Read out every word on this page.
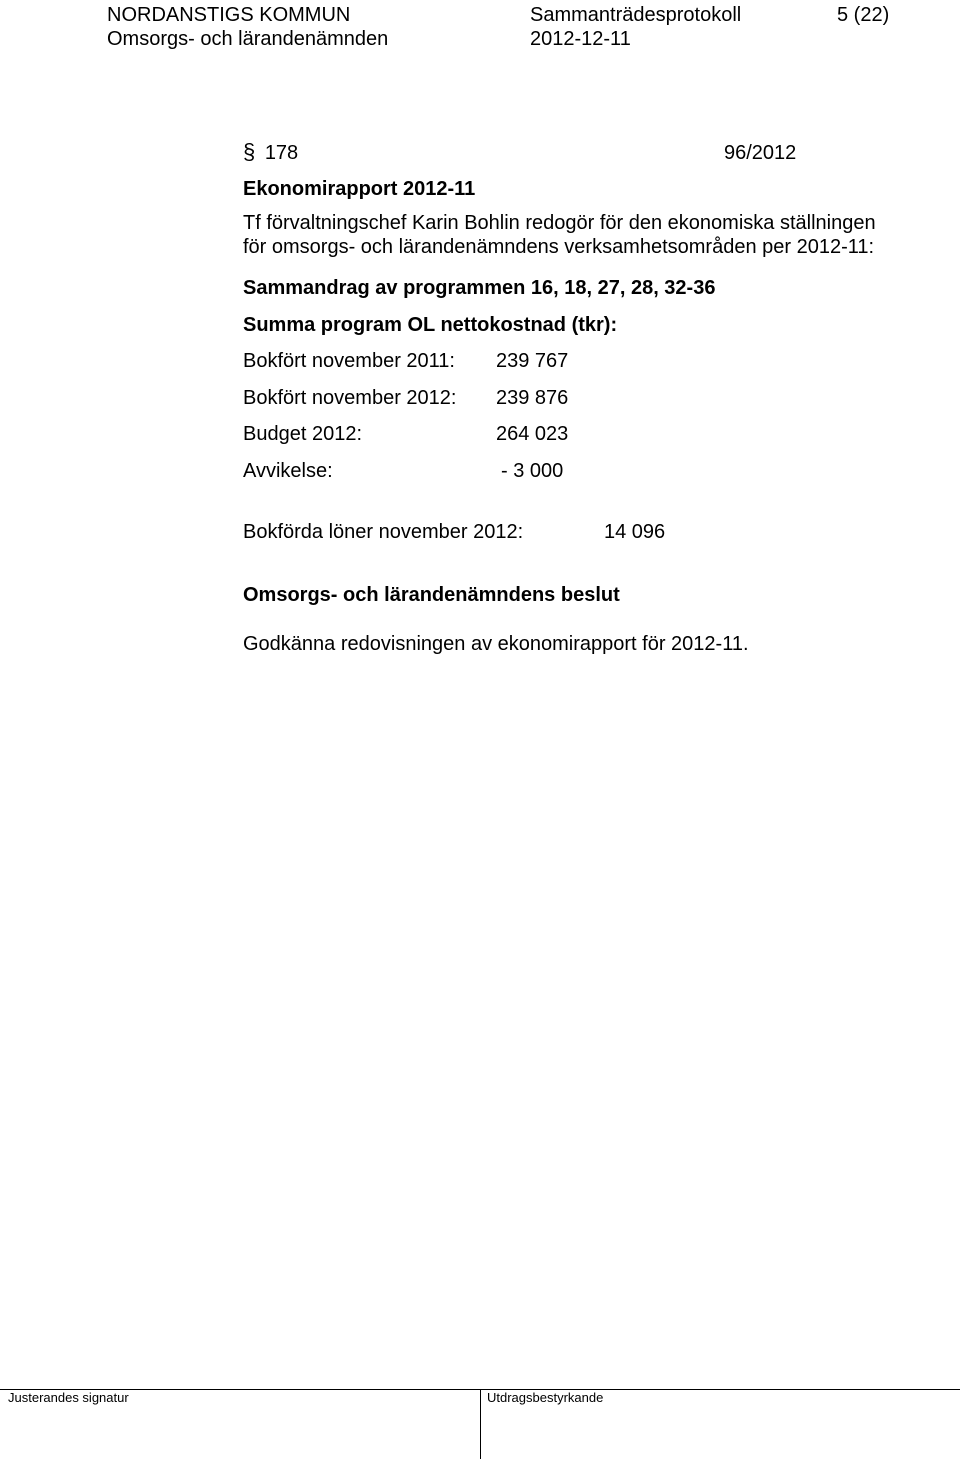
NORDANSTIGS KOMMUN	Sammanträdesprotokoll	5 (22)
Omsorgs- och lärandenämnden	2012-12-11
§ 178	96/2012
Ekonomirapport 2012-11
Tf förvaltningschef Karin Bohlin redogör för den ekonomiska ställningen
för omsorgs- och lärandenämndens verksamhetsområden per 2012-11:
Sammandrag av programmen 16, 18, 27, 28, 32-36
Summa program OL nettokostnad (tkr):
Bokfört november 2011: 239 767
Bokfört november 2012: 239 876
Budget 2012:	264 023
Avvikelse:	- 3 000
Bokförda löner november 2012:	14 096
Omsorgs- och lärandenämndens beslut
Godkänna redovisningen av ekonomirapport för 2012-11.
Justerandes signatur	Utdragsbestyrkande
